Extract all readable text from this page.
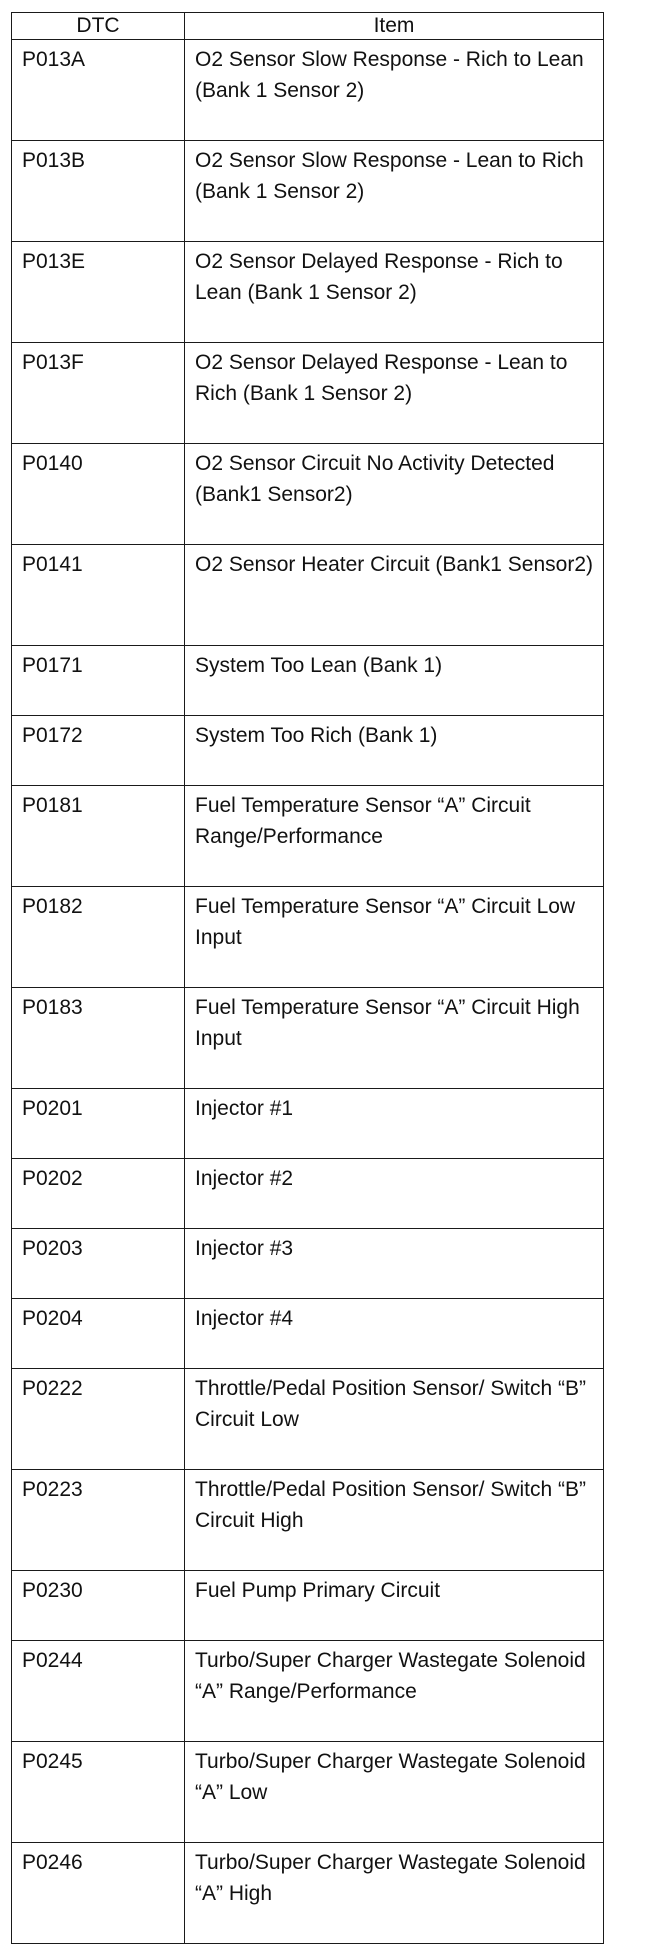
DTC	Item

P013A	O2 Sensor Slow Response - Rich to Lean (Bank 1 Sensor 2)

P013B	O2 Sensor Slow Response - Lean to Rich (Bank 1 Sensor 2)

P013E	O2 Sensor Delayed Response - Rich to Lean (Bank 1 Sensor 2)

P013F	O2 Sensor Delayed Response - Lean to Rich (Bank 1 Sensor 2)

P0140	O2 Sensor Circuit No Activity Detected (Bank1 Sensor2)

P0141	O2 Sensor Heater Circuit (Bank1 Sensor2)

P0171	System Too Lean (Bank 1)

P0172	System Too Rich (Bank 1)

P0181	Fuel Temperature Sensor “A” Circuit Range/Performance

P0182	Fuel Temperature Sensor “A” Circuit Low Input

P0183	Fuel Temperature Sensor “A” Circuit High Input

P0201	Injector #1

P0202	Injector #2

P0203	Injector #3

P0204	Injector #4

P0222	Throttle/Pedal Position Sensor/ Switch “B” Circuit Low

P0223	Throttle/Pedal Position Sensor/ Switch “B” Circuit High

P0230	Fuel Pump Primary Circuit

P0244	Turbo/Super Charger Wastegate Solenoid “A” Range/Performance

P0245	Turbo/Super Charger Wastegate Solenoid “A” Low

P0246	Turbo/Super Charger Wastegate Solenoid “A” High
